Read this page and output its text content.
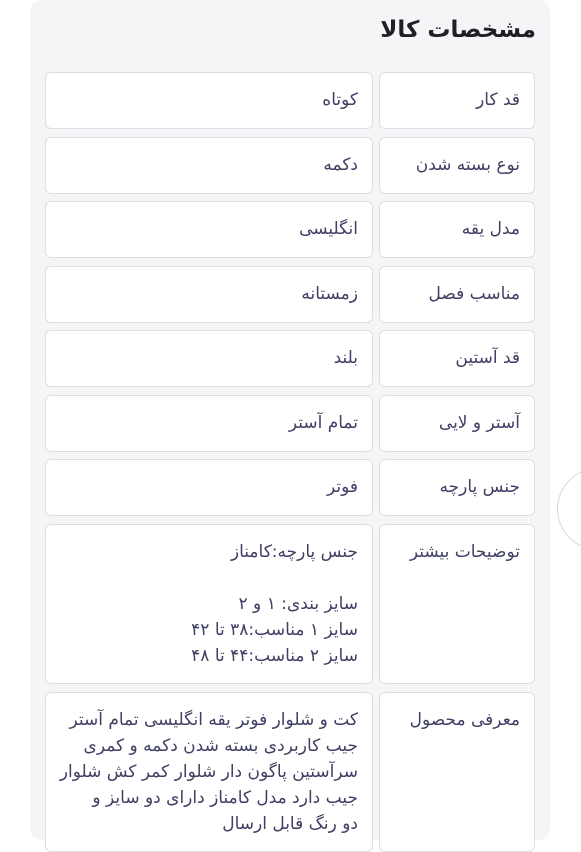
مشخصات کالا
قد کار
کوتاه
نوع بسته شدن
دکمه
مدل یقه
انگلیسی
مناسب فصل
زمستانه
قد آستین
بلند
آستر و لایی
تمام آستر
جنس پارچه
فوتر
توضیحات بیشتر
جنس پارچه:کامناز
سایز بندی: ۱ و ۲
سایز ۱ مناسب:۳۸ تا ۴۲
سایز ۲ مناسب:۴۴ تا ۴۸
معرفی محصول
کت و شلوار فوتر یقه انگلیسی تمام آستر
جیب کاربردی بسته شدن دکمه و کمری
سرآستین پاگون دار شلوار کمر کش شلوار
جیب دارد مدل کامناز دارای دو سایز و
دو رنگ قابل ارسال
